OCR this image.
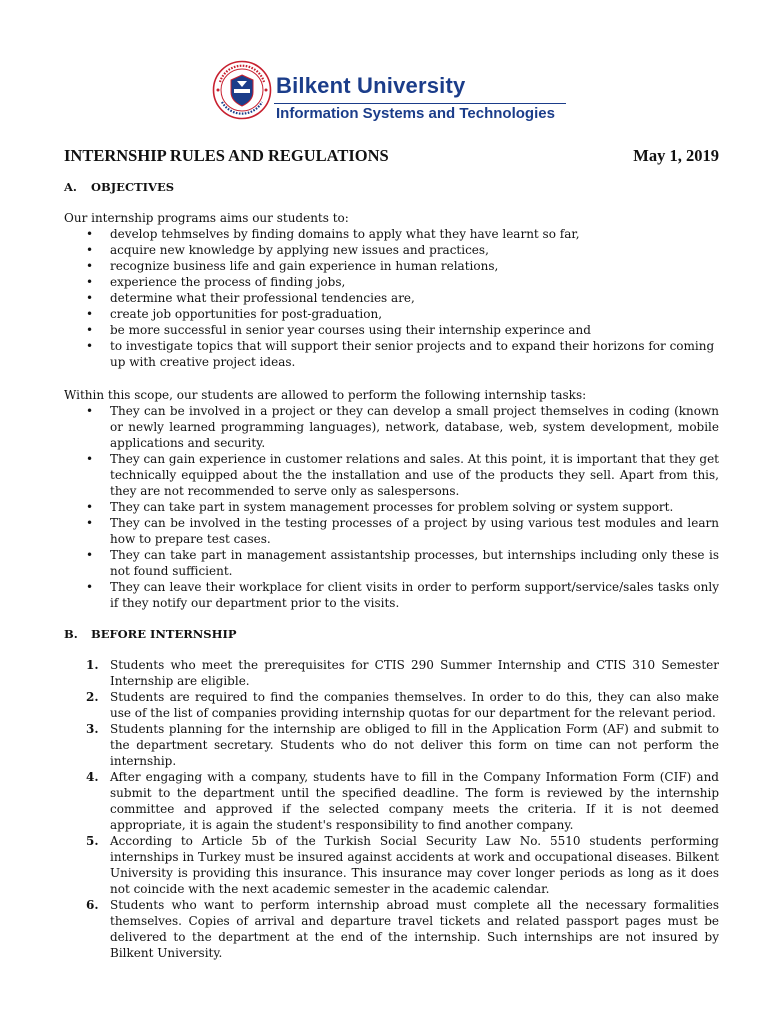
Bilkent University
Information Systems and Technologies
INTERNSHIP RULES AND REGULATIONS	May 1, 2019
A. OBJECTIVES
Our internship programs aims our students to:
• develop tehmselves by finding domains to apply what they have learnt so far,
• acquire new knowledge by applying new issues and practices,
• recognize business life and gain experience in human relations,
• experience the process of finding jobs,
• determine what their professional tendencies are,
• create job opportunities for post-graduation,
• be more successful in senior year courses using their internship experince and
• to investigate topics that will support their senior projects and to expand their horizons for coming up with creative project ideas.
Within this scope, our students are allowed to perform the following internship tasks:
• They can be involved in a project or they can develop a small project themselves in coding (known or newly learned programming languages), network, database, web, system development, mobile applications and security.
• They can gain experience in customer relations and sales. At this point, it is important that they get technically equipped about the the installation and use of the products they sell. Apart from this, they are not recommended to serve only as salespersons.
• They can take part in system management processes for problem solving or system support.
• They can be involved in the testing processes of a project by using various test modules and learn how to prepare test cases.
• They can take part in management assistantship processes, but internships including only these is not found sufficient.
• They can leave their workplace for client visits in order to perform support/service/sales tasks only if they notify our department prior to the visits.
B. BEFORE INTERNSHIP
1. Students who meet the prerequisites for CTIS 290 Summer Internship and CTIS 310 Semester Internship are eligible.
2. Students are required to find the companies themselves. In order to do this, they can also make use of the list of companies providing internship quotas for our department for the relevant period.
3. Students planning for the internship are obliged to fill in the Application Form (AF) and submit to the department secretary. Students who do not deliver this form on time can not perform the internship.
4. After engaging with a company, students have to fill in the Company Information Form (CIF) and submit to the department until the specified deadline. The form is reviewed by the internship committee and approved if the selected company meets the criteria. If it is not deemed appropriate, it is again the student's responsibility to find another company.
5. According to Article 5b of the Turkish Social Security Law No. 5510 students performing internships in Turkey must be insured against accidents at work and occupational diseases. Bilkent University is providing this insurance. This insurance may cover longer periods as long as it does not coincide with the next academic semester in the academic calendar.
6. Students who want to perform internship abroad must complete all the necessary formalities themselves. Copies of arrival and departure travel tickets and related passport pages must be delivered to the department at the end of the internship. Such internships are not insured by Bilkent University.
